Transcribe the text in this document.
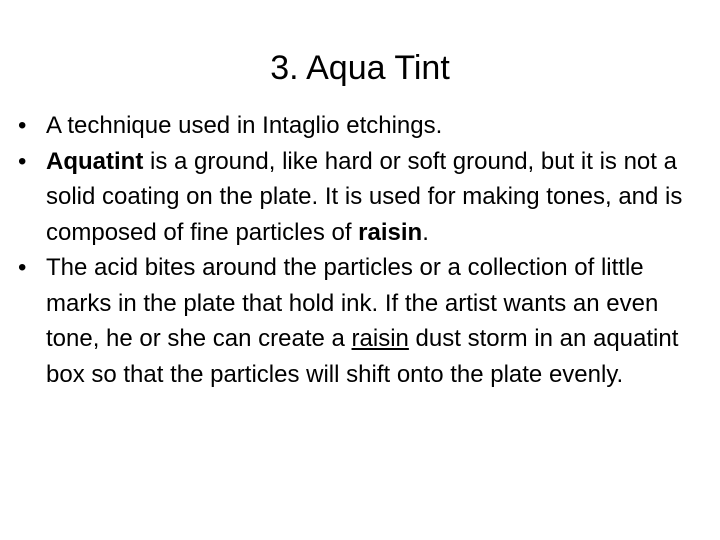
3. Aqua Tint
• A technique used in Intaglio etchings.
• Aquatint is a ground, like hard or soft ground, but it is not a solid coating on the plate. It is used for making tones, and is composed of fine particles of raisin.
• The acid bites around the particles or a collection of little marks in the plate that hold ink. If the artist wants an even tone, he or she can create a raisin dust storm in an aquatint box so that the particles will shift onto the plate evenly.
